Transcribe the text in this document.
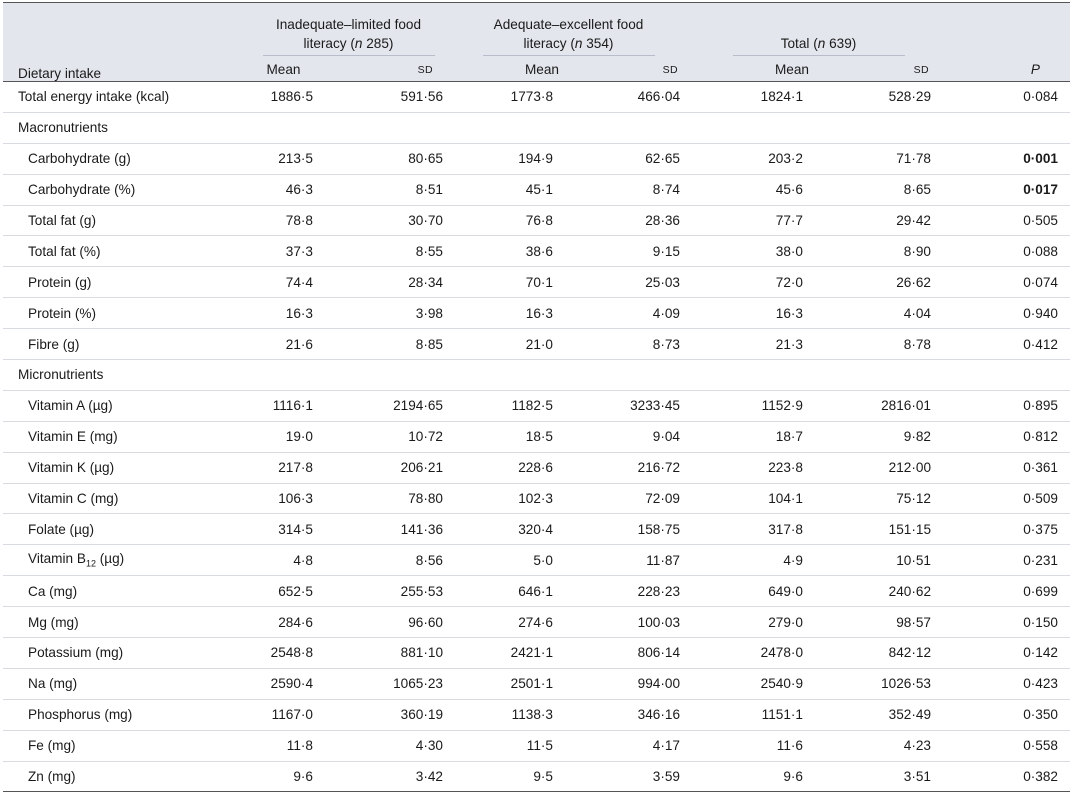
	Inadequate–limited food
literacy (n 285)		Adequate–excellent food
literacy (n 354)		Total (n 639)		

Dietary intake	Mean	SD	Mean	SD	Mean	SD	P
Total energy intake (kcal)	1886·5	591·56	1773·8	466·04	1824·1	528·29	0·084
Macronutrients							
Carbohydrate (g)	213·5	80·65	194·9	62·65	203·2	71·78	0·001
Carbohydrate (%)	46·3	8·51	45·1	8·74	45·6	8·65	0·017
Total fat (g)	78·8	30·70	76·8	28·36	77·7	29·42	0·505
Total fat (%)	37·3	8·55	38·6	9·15	38·0	8·90	0·088
Protein (g)	74·4	28·34	70·1	25·03	72·0	26·62	0·074
Protein (%)	16·3	3·98	16·3	4·09	16·3	4·04	0·940
Fibre (g)	21·6	8·85	21·0	8·73	21·3	8·78	0·412
Micronutrients							
Vitamin A (µg)	1116·1	2194·65	1182·5	3233·45	1152·9	2816·01	0·895
Vitamin E (mg)	19·0	10·72	18·5	9·04	18·7	9·82	0·812
Vitamin K (µg)	217·8	206·21	228·6	216·72	223·8	212·00	0·361
Vitamin C (mg)	106·3	78·80	102·3	72·09	104·1	75·12	0·509
Folate (µg)	314·5	141·36	320·4	158·75	317·8	151·15	0·375
Vitamin $B_{12}$ (µg)	4·8	8·56	5·0	11·87	4·9	10·51	0·231
Ca (mg)	652·5	255·53	646·1	228·23	649·0	240·62	0·699
Mg (mg)	284·6	96·60	274·6	100·03	279·0	98·57	0·150
Potassium (mg)	2548·8	881·10	2421·1	806·14	2478·0	842·12	0·142
Na (mg)	2590·4	1065·23	2501·1	994·00	2540·9	1026·53	0·423
Phosphorus (mg)	1167·0	360·19	1138·3	346·16	1151·1	352·49	0·350
Fe (mg)	11·8	4·30	11·5	4·17	11·6	4·23	0·558
Zn (mg)	9·6	3·42	9·5	3·59	9·6	3·51	0·382
